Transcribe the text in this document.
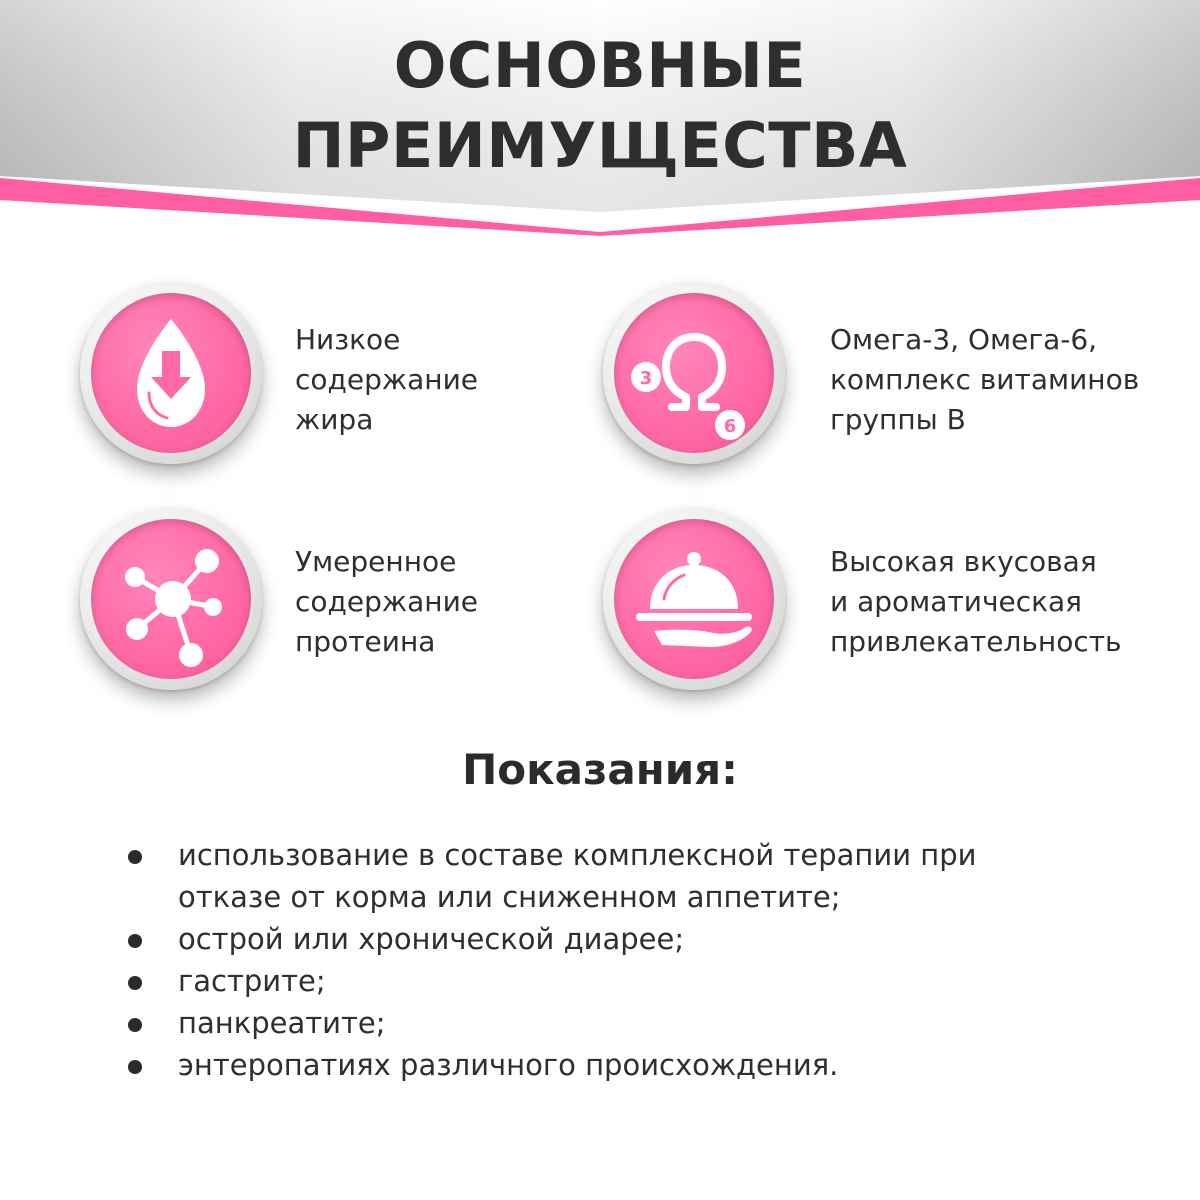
ОСНОВНЫЕ
ПРЕИМУЩЕСТВА
Низкое
содержание
жира
3
6
Омега-3, Омега-6,
комплекс витаминов
группы В
Умеренное
содержание
протеина
Высокая вкусовая
и ароматическая
привлекательность
Показания:
использование в составе комплексной терапии при
отказе от корма или сниженном аппетите;
острой или хронической диарее;
гастрите;
панкреатите;
энтеропатиях различного происхождения.
